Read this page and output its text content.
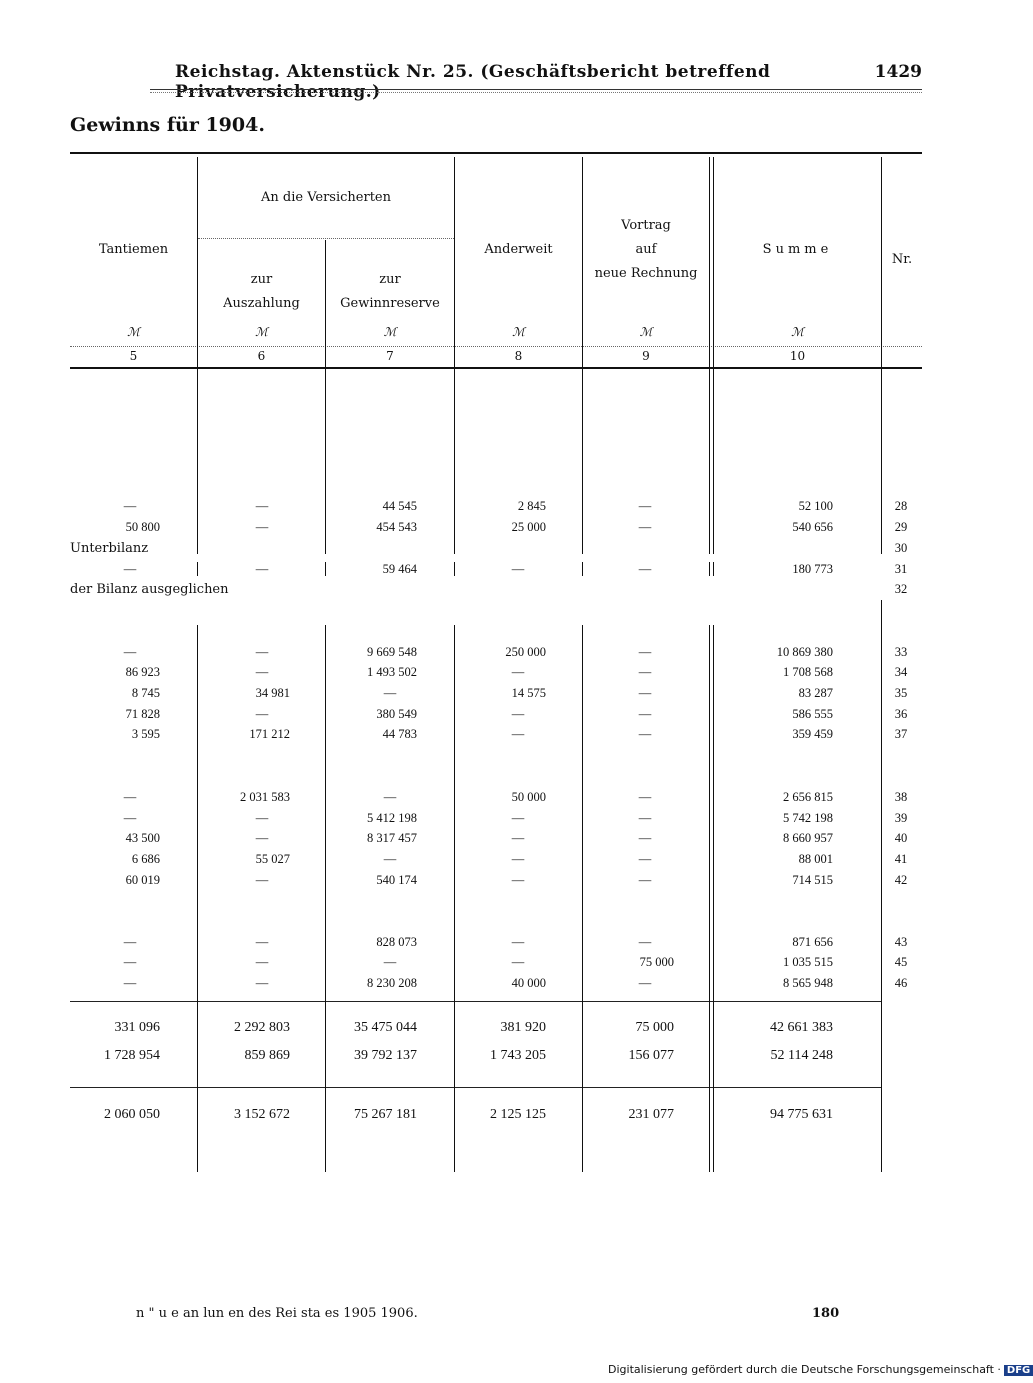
Reichstag. Aktenstück Nr. 25. (Geschäftsbericht betreffend Privatversicherung.)
1429
Gewinns für 1904.
An die Versicherten
Tantiemen
zur
Auszahlung
zur
Gewinnreserve
Anderweit
Vortrag
auf
neue Rechnung
Summe
Nr.
ℳ	ℳ	ℳ	ℳ	ℳ	ℳ
5	6	7	8	9	10
—	—	44 545	2 845	—	52 100	28
50 800	—	454 543	25 000	—	540 656	29
Unterbilanz	30
—	—	59 464	—	—	180 773	31
der Bilanz ausgeglichen	32
—	—	9 669 548	250 000	—	10 869 380	33
86 923	—	1 493 502	—	—	1 708 568	34
8 745	34 981	—	14 575	—	83 287	35
71 828	—	380 549	—	—	586 555	36
3 595	171 212	44 783	—	—	359 459	37
—	2 031 583	—	50 000	—	2 656 815	38
—	—	5 412 198	—	—	5 742 198	39
43 500	—	8 317 457	—	—	8 660 957	40
6 686	55 027	—	—	—	88 001	41
60 019	—	540 174	—	—	714 515	42
—	—	828 073	—	—	871 656	43
—	—	—	—	75 000	1 035 515	45
—	—	8 230 208	40 000	—	8 565 948	46
331 096	2 292 803	35 475 044	381 920	75 000	42 661 383
1 728 954	859 869	39 792 137	1 743 205	156 077	52 114 248
2 060 050	3 152 672	75 267 181	2 125 125	231 077	94 775 631
n " u e an lun en des Rei sta es 1905 1906.	180
Digitalisierung gefördert durch die Deutsche Forschungsgemeinschaft · DFG
